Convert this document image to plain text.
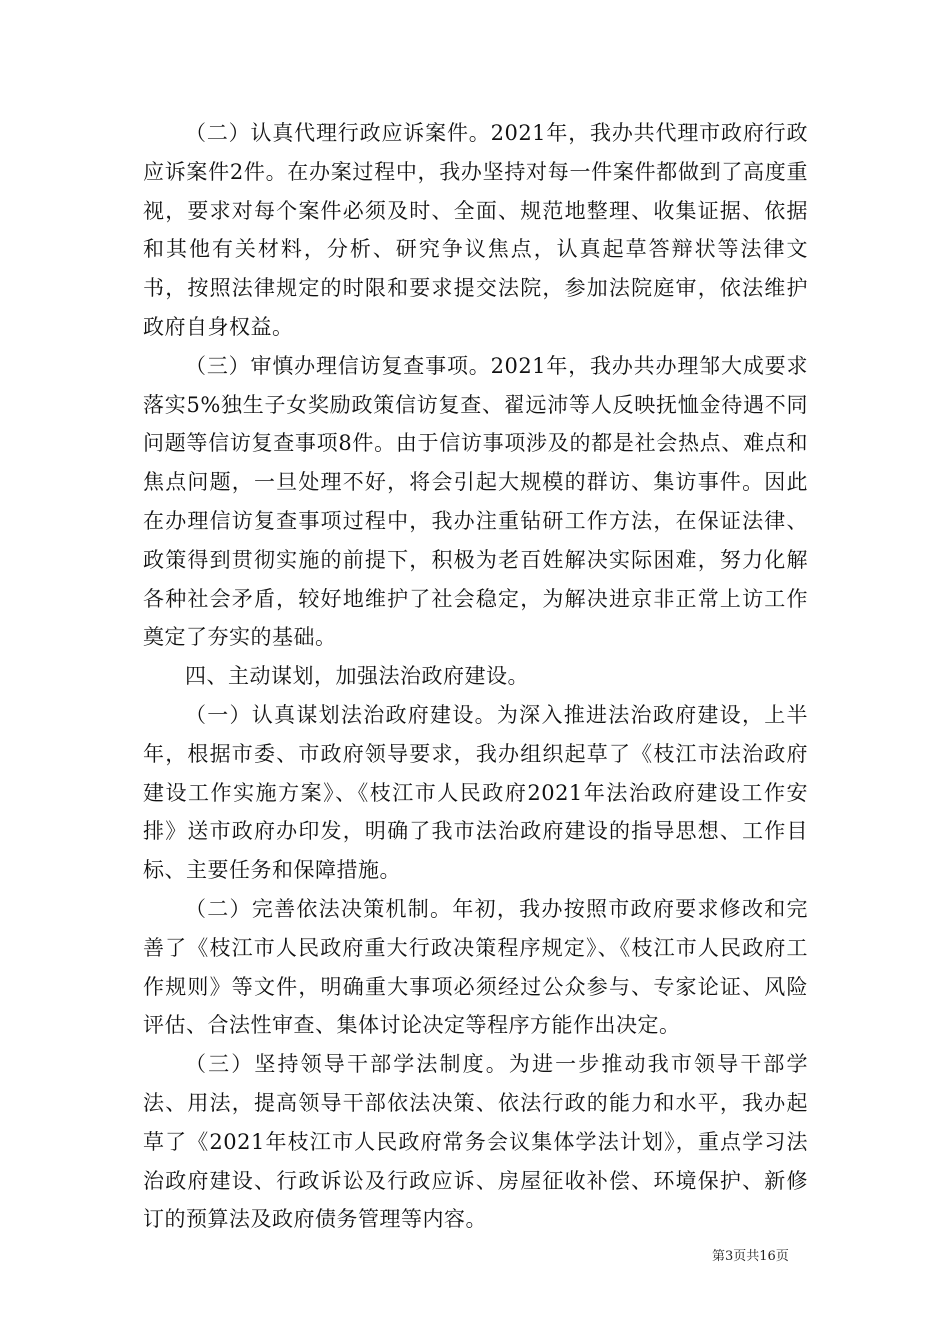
（二）认真代理行政应诉案件。2021年，我办共代理市政府行政应诉案件2件。在办案过程中，我办坚持对每一件案件都做到了高度重视，要求对每个案件必须及时、全面、规范地整理、收集证据、依据和其他有关材料，分析、研究争议焦点，认真起草答辩状等法律文书，按照法律规定的时限和要求提交法院，参加法院庭审，依法维护政府自身权益。

（三）审慎办理信访复查事项。2021年，我办共办理邹大成要求落实5%独生子女奖励政策信访复查、翟远沛等人反映抚恤金待遇不同问题等信访复查事项8件。由于信访事项涉及的都是社会热点、难点和焦点问题，一旦处理不好，将会引起大规模的群访、集访事件。因此在办理信访复查事项过程中，我办注重钻研工作方法，在保证法律、政策得到贯彻实施的前提下，积极为老百姓解决实际困难，努力化解各种社会矛盾，较好地维护了社会稳定，为解决进京非正常上访工作奠定了夯实的基础。

四、主动谋划，加强法治政府建设。

（一）认真谋划法治政府建设。为深入推进法治政府建设，上半年，根据市委、市政府领导要求，我办组织起草了《枝江市法治政府建设工作实施方案》、《枝江市人民政府2021年法治政府建设工作安排》送市政府办印发，明确了我市法治政府建设的指导思想、工作目标、主要任务和保障措施。

（二）完善依法决策机制。年初，我办按照市政府要求修改和完善了《枝江市人民政府重大行政决策程序规定》、《枝江市人民政府工作规则》等文件，明确重大事项必须经过公众参与、专家论证、风险评估、合法性审查、集体讨论决定等程序方能作出决定。

（三）坚持领导干部学法制度。为进一步推动我市领导干部学法、用法，提高领导干部依法决策、依法行政的能力和水平，我办起草了《2021年枝江市人民政府常务会议集体学法计划》，重点学习法治政府建设、行政诉讼及行政应诉、房屋征收补偿、环境保护、新修订的预算法及政府债务管理等内容。

第3页共16页
